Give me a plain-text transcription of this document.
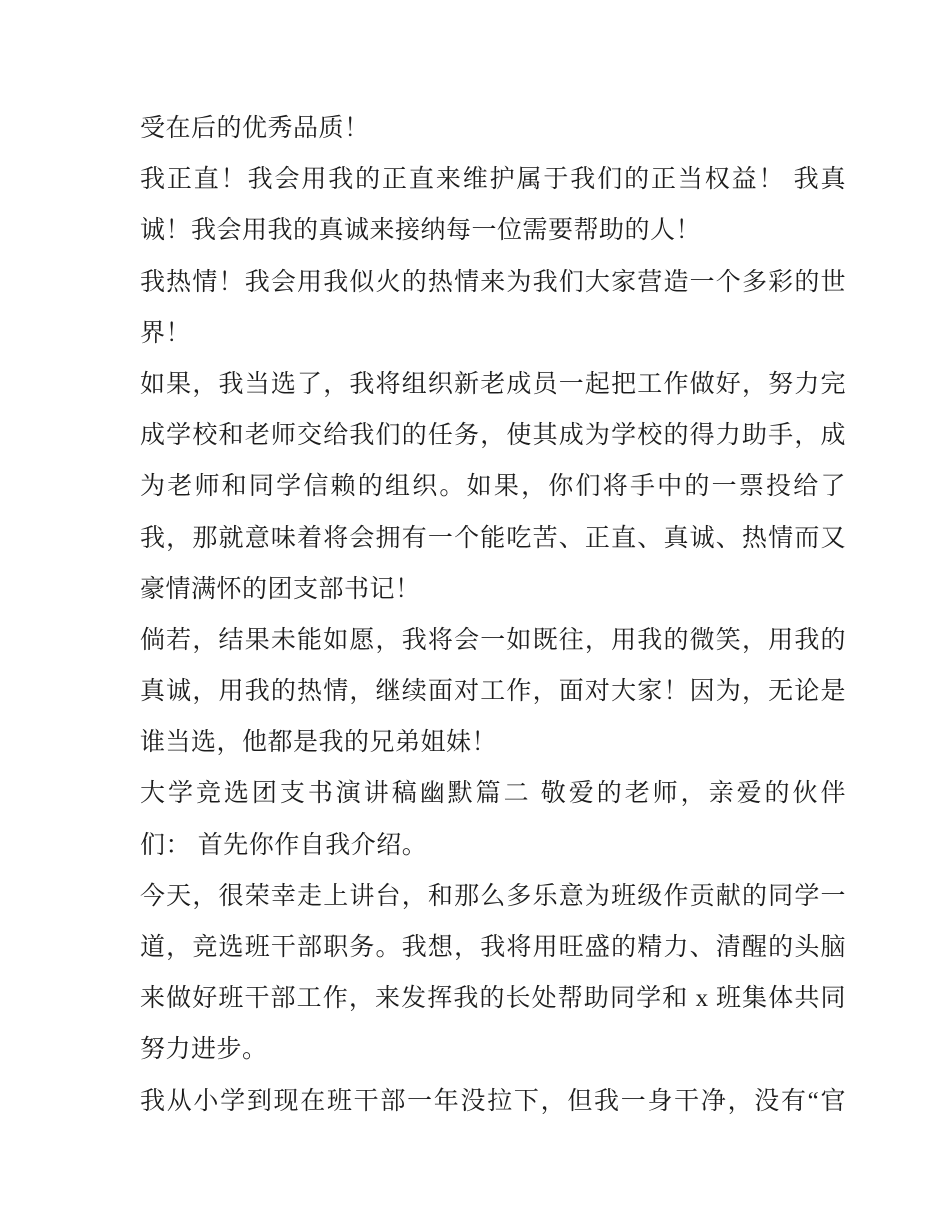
受在后的优秀品质！
我正直！我会用我的正直来维护属于我们的正当权益！ 我真
诚！我会用我的真诚来接纳每一位需要帮助的人！
我热情！我会用我似火的热情来为我们大家营造一个多彩的世
界！
如果，我当选了，我将组织新老成员一起把工作做好，努力完
成学校和老师交给我们的任务，使其成为学校的得力助手，成
为老师和同学信赖的组织。如果，你们将手中的一票投给了
我，那就意味着将会拥有一个能吃苦、正直、真诚、热情而又
豪情满怀的团支部书记！
倘若，结果未能如愿，我将会一如既往，用我的微笑，用我的
真诚，用我的热情，继续面对工作，面对大家！因为，无论是
谁当选，他都是我的兄弟姐妹！
大学竞选团支书演讲稿幽默篇二 敬爱的老师，亲爱的伙伴
们： 首先你作自我介绍。
今天，很荣幸走上讲台，和那么多乐意为班级作贡献的同学一
道，竞选班干部职务。我想，我将用旺盛的精力、清醒的头脑
来做好班干部工作，来发挥我的长处帮助同学和 x 班集体共同
努力进步。
我从小学到现在班干部一年没拉下，但我一身干净，没有“官
